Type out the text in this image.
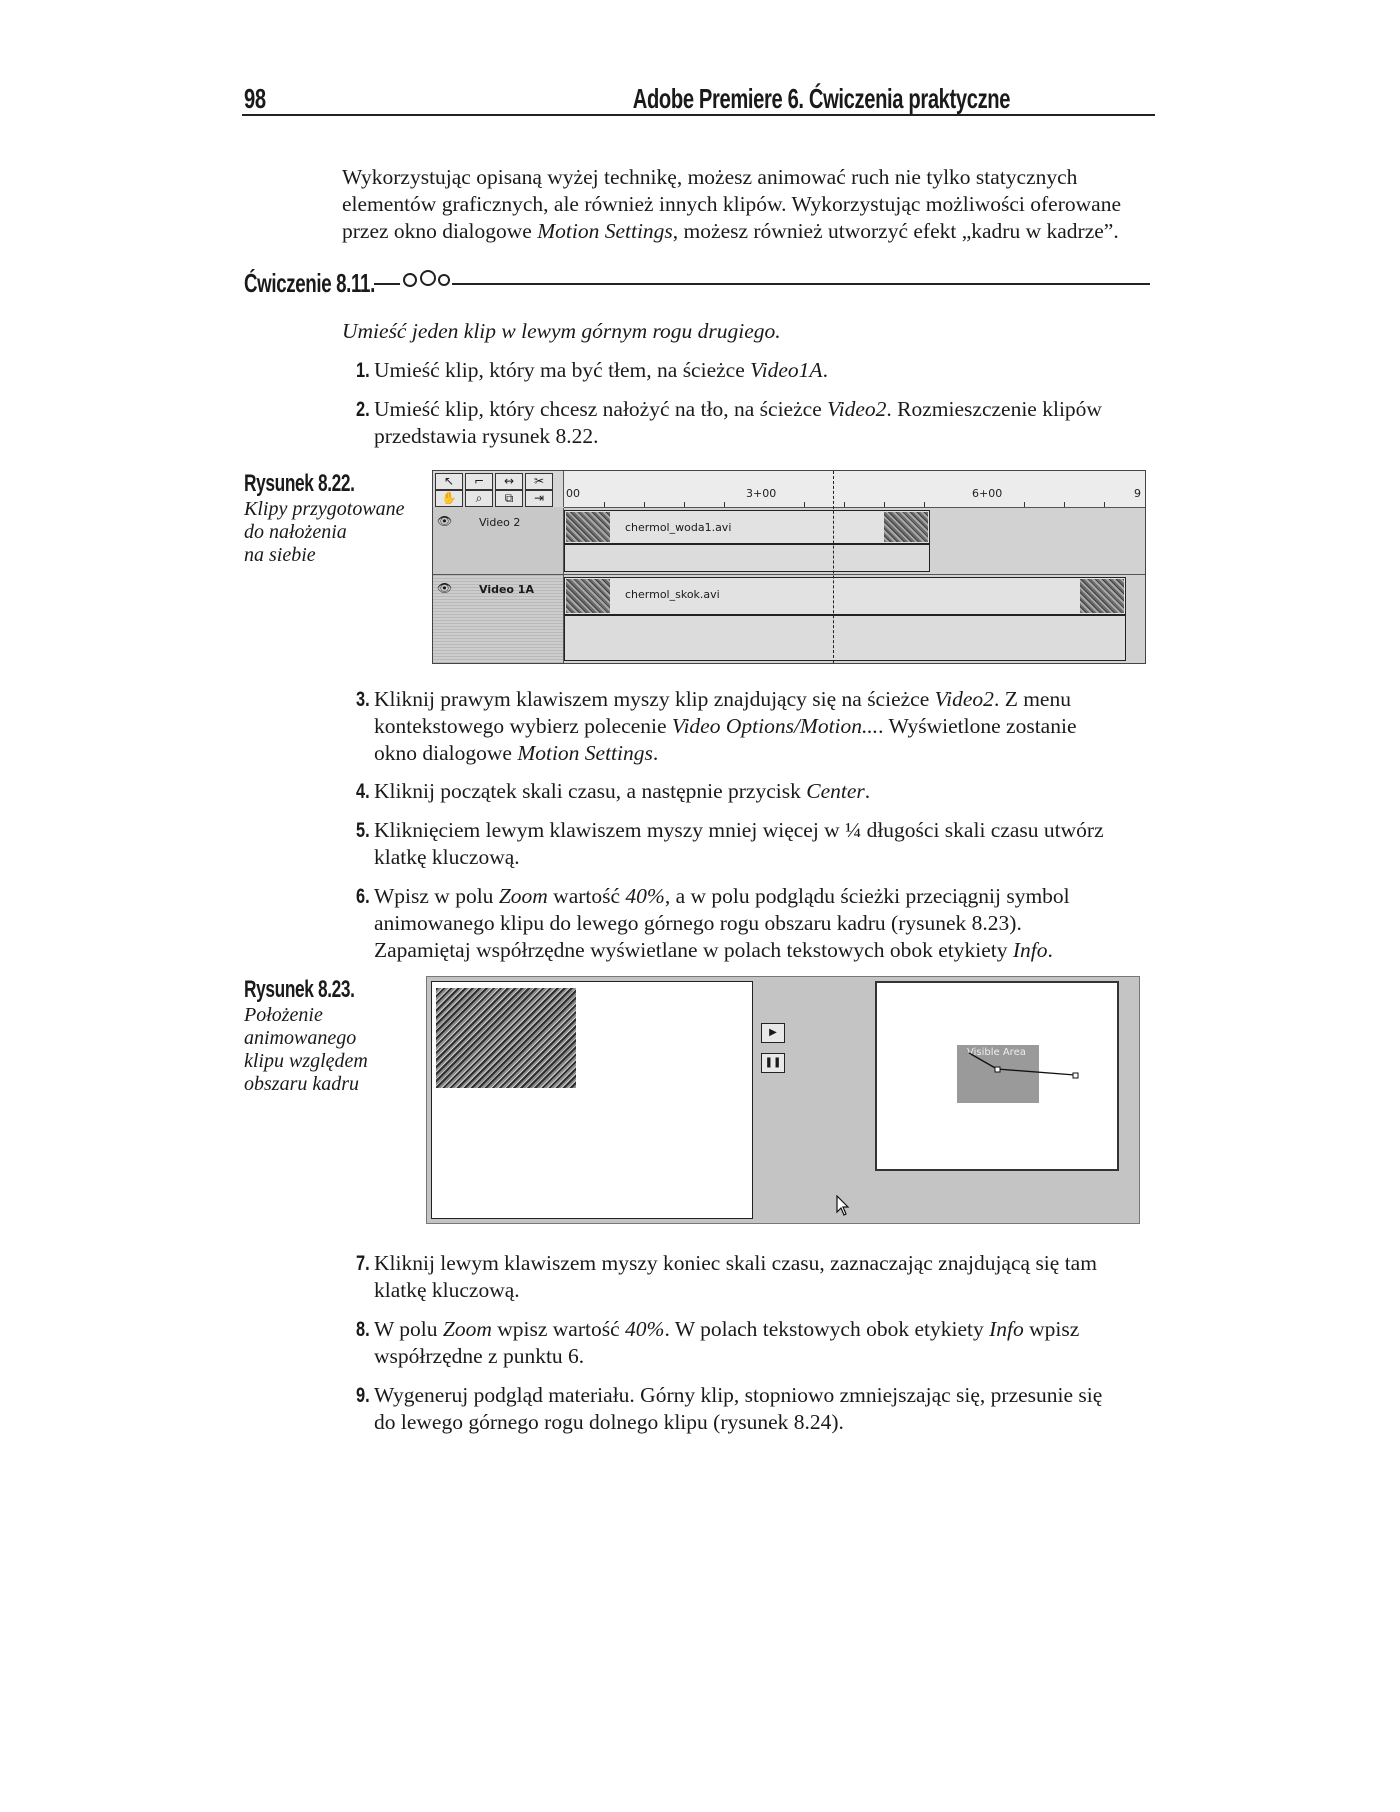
98	Adobe Premiere 6. Ćwiczenia praktyczne
Wykorzystując opisaną wyżej technikę, możesz animować ruch nie tylko statycznych
elementów graficznych, ale również innych klipów. Wykorzystując możliwości oferowane
przez okno dialogowe Motion Settings, możesz również utworzyć efekt „kadru w kadrze”.
Ćwiczenie 8.11.
Umieść jeden klip w lewym górnym rogu drugiego.
1. Umieść klip, który ma być tłem, na ścieżce Video1A.
2. Umieść klip, który chcesz nałożyć na tło, na ścieżce Video2. Rozmieszczenie klipów
przedstawia rysunek 8.22.
Rysunek 8.22.
Klipy przygotowane
do nałożenia
na siebie
↖	⌐	↔	✂
✋	⌕	⧉	⇥	00	3+00	6+00	9
👁 Video 2	chermol_woda1.avi
👁 Video 1A	chermol_skok.avi
3. Kliknij prawym klawiszem myszy klip znajdujący się na ścieżce Video2. Z menu
kontekstowego wybierz polecenie Video Options/Motion.... Wyświetlone zostanie
okno dialogowe Motion Settings.
4. Kliknij początek skali czasu, a następnie przycisk Center.
5. Kliknięciem lewym klawiszem myszy mniej więcej w ¼ długości skali czasu utwórz
klatkę kluczową.
6. Wpisz w polu Zoom wartość 40%, a w polu podglądu ścieżki przeciągnij symbol
animowanego klipu do lewego górnego rogu obszaru kadru (rysunek 8.23).
Zapamiętaj współrzędne wyświetlane w polach tekstowych obok etykiety Info.
Rysunek 8.23.
Położenie
animowanego
klipu względem
obszaru kadru
▶
❚❚
Visible Area
7. Kliknij lewym klawiszem myszy koniec skali czasu, zaznaczając znajdującą się tam
klatkę kluczową.
8. W polu Zoom wpisz wartość 40%. W polach tekstowych obok etykiety Info wpisz
współrzędne z punktu 6.
9. Wygeneruj podgląd materiału. Górny klip, stopniowo zmniejszając się, przesunie się
do lewego górnego rogu dolnego klipu (rysunek 8.24).
